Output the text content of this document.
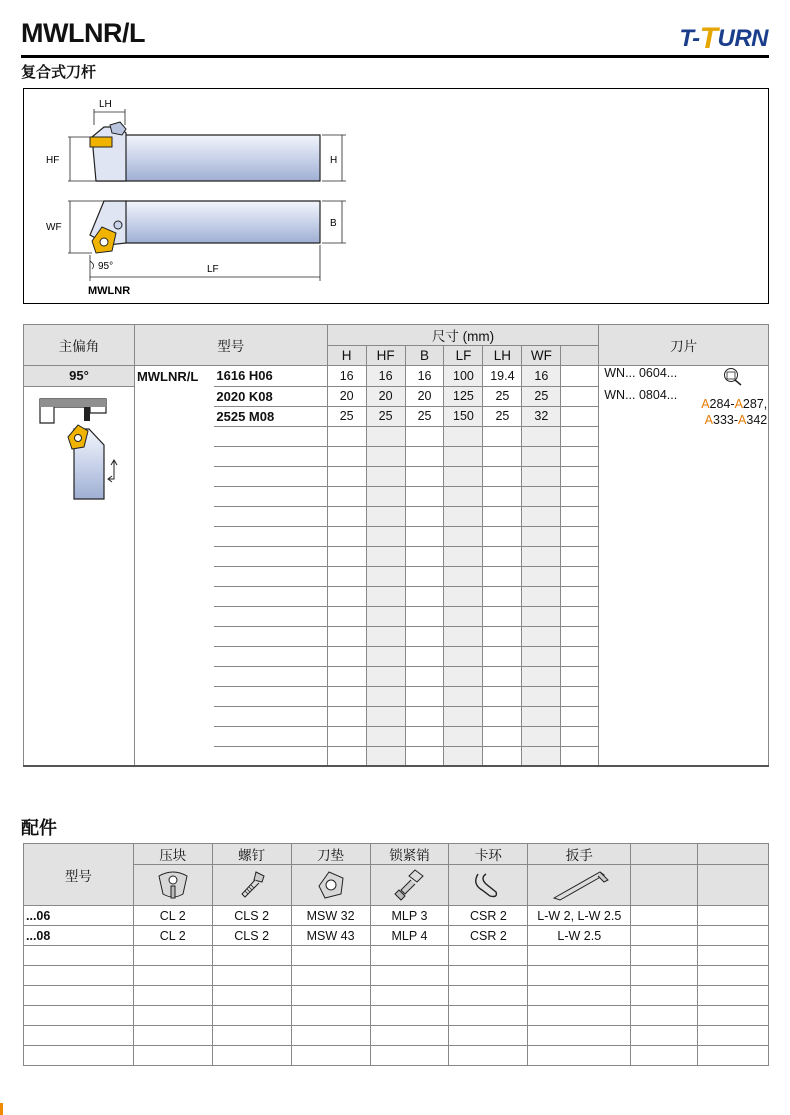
MWLNR/L	T-TURN
复合式刀杆
LH
HF	H
WF	B
LF
95°
MWLNR
主偏角	型号		尺寸 (mm)							刀片
			H	HF	B	LF	LH	WF		
95°	MWLNR/L	1616 H06	16	16	16	100	19.4	16		WN... 0604...

		2020 K08	20	20	20	125	25	25		WN... 0804...
A284-A287,
A333-A342

		2525 M08	25	25	25	150	25	32		

配件
型号	压块	螺钉	刀垫	锁紧销	卡环	扳手		

...06	CL 2	CLS 2	MSW 32	MLP 3	CSR 2	L-W 2, L-W 2.5		
...08	CL 2	CLS 2	MSW 43	MLP 4	CSR 2	L-W 2.5		
